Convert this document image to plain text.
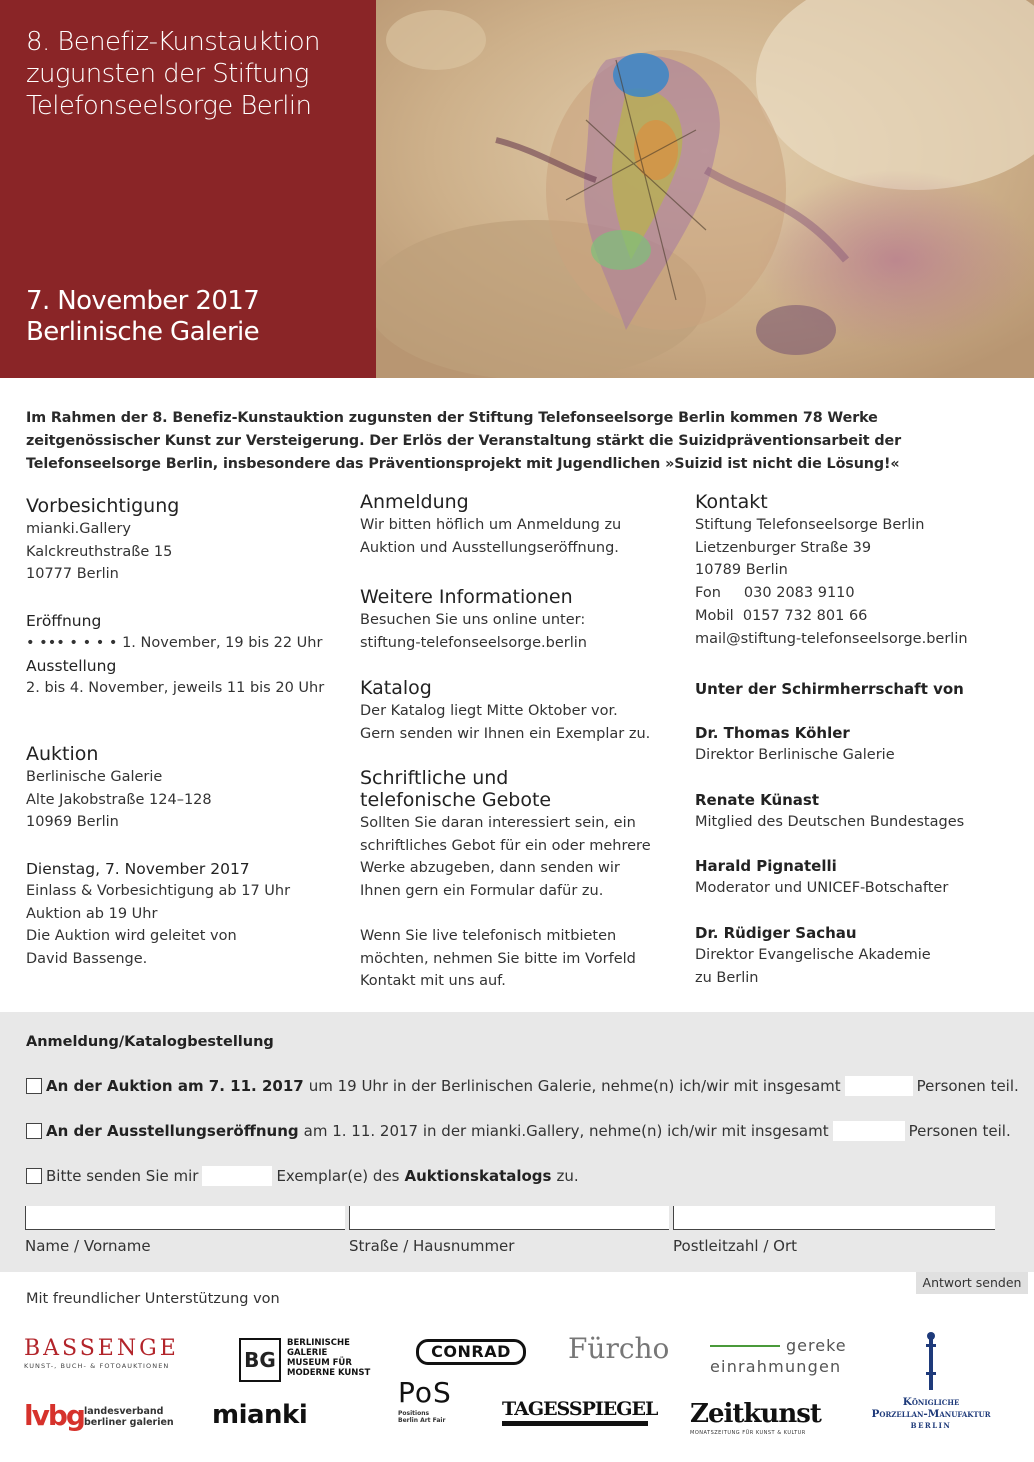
8. Benefiz-Kunstauktion
zugunsten der Stiftung
Telefonseelsorge Berlin
7. November 2017
Berlinische Galerie
Im Rahmen der 8. Benefiz-Kunstauktion zugunsten der Stiftung Telefonseelsorge Berlin kommen 78 Werke
zeitgenössischer Kunst zur Versteigerung. Der Erlös der Veranstaltung stärkt die Suizidpräventionsarbeit der
Telefonseelsorge Berlin, insbesondere das Präventionsprojekt mit Jugendlichen »Suizid ist nicht die Lösung!«
Vorbesichtigung
mianki.Gallery
Kalckreuthstraße 15
10777 Berlin
Eröffnung
• ••• • • • • 1. November, 19 bis 22 Uhr
Ausstellung
2. bis 4. November, jeweils 11 bis 20 Uhr
Auktion
Berlinische Galerie
Alte Jakobstraße 124–128
10969 Berlin
Dienstag, 7. November 2017
Einlass & Vorbesichtigung ab 17 Uhr
Auktion ab 19 Uhr
Die Auktion wird geleitet von
David Bassenge.
Anmeldung
Wir bitten höflich um Anmeldung zu
Auktion und Ausstellungseröffnung.
Weitere Informationen
Besuchen Sie uns online unter:
stiftung-telefonseelsorge.berlin
Katalog
Der Katalog liegt Mitte Oktober vor.
Gern senden wir Ihnen ein Exemplar zu.
Schriftliche und
telefonische Gebote
Sollten Sie daran interessiert sein, ein
schriftliches Gebot für ein oder mehrere
Werke abzugeben, dann senden wir
Ihnen gern ein Formular dafür zu.
Wenn Sie live telefonisch mitbieten
möchten, nehmen Sie bitte im Vorfeld
Kontakt mit uns auf.
Kontakt
Stiftung Telefonseelsorge Berlin
Lietzenburger Straße 39
10789 Berlin
Fon     030 2083 9110
Mobil  0157 732 801 66
mail@stiftung-telefonseelsorge.berlin
Unter der Schirmherrschaft von
Dr. Thomas Köhler
Direktor Berlinische Galerie
Renate Künast
Mitglied des Deutschen Bundestages
Harald Pignatelli
Moderator und UNICEF-Botschafter
Dr. Rüdiger Sachau
Direktor Evangelische Akademie
zu Berlin
Anmeldung/Katalogbestellung
An der Auktion am 7. 11. 2017 um 19 Uhr in der Berlinischen Galerie, nehme(n) ich/wir mit insgesamt	Personen teil.
An der Ausstellungseröffnung am 1. 11. 2017 in der mianki.Gallery, nehme(n) ich/wir mit insgesamt	Personen teil.
Bitte senden Sie mir	Exemplar(e) des Auktionskatalogs zu.
Name / Vorname	Straße / Hausnummer	Postleitzahl / Ort
Antwort senden
Mit freundlicher Unterstützung von
BASSENGE
KUNST-, BUCH- & FOTOAUKTIONEN	BG
BERLINISCHE
GALERIE
MUSEUM FÜR
MODERNE KUNST
CONRAD	Fürcho	gereke
einrahmungen
Königliche
Porzellan-Manufaktur
BERLIN
lvbg landesverband
berliner galerien mianki
PoS
Positions
Berlin Art Fair
TAGESSPIEGEL Zeitkunst
MONATSZEITUNG FÜR KUNST & KULTUR
